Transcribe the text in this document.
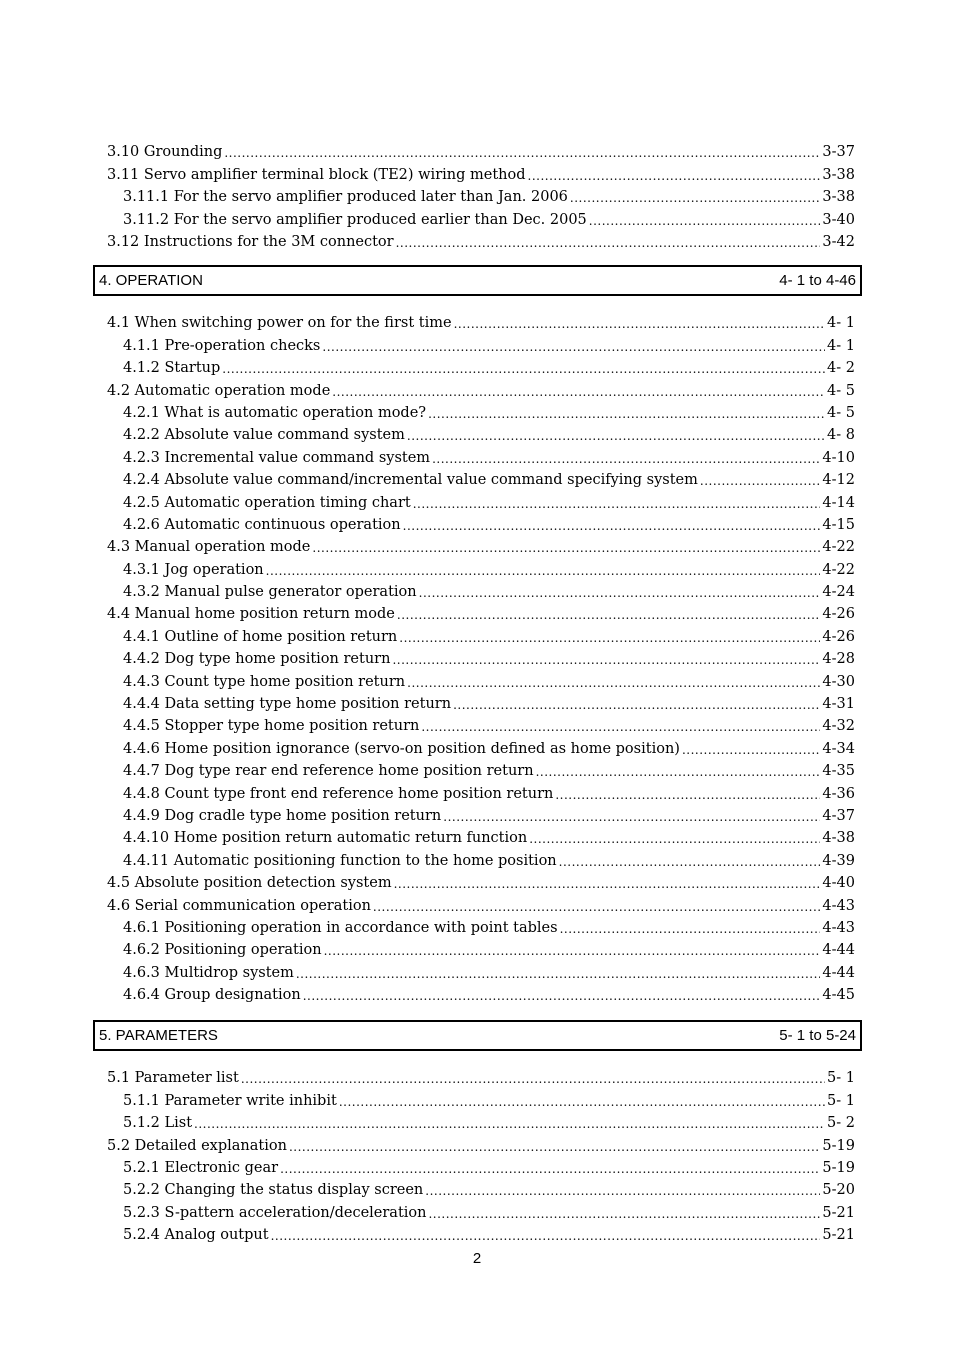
3.10 Grounding .....	3-37
3.11 Servo amplifier terminal block (TE2) wiring method .....	3-38
3.11.1 For the servo amplifier produced later than Jan. 2006 .....	3-38
3.11.2 For the servo amplifier produced earlier than Dec. 2005 .....	3-40
3.12 Instructions for the 3M connector .....	3-42
4. OPERATION	4- 1 to 4-46
4.1 When switching power on for the first time .....	4- 1
4.1.1 Pre-operation checks .....	4- 1
4.1.2 Startup .....	4- 2
4.2 Automatic operation mode .....	4- 5
4.2.1 What is automatic operation mode? .....	4- 5
4.2.2 Absolute value command system .....	4- 8
4.2.3 Incremental value command system .....	4-10
4.2.4 Absolute value command/incremental value command specifying system .....	4-12
4.2.5 Automatic operation timing chart .....	4-14
4.2.6 Automatic continuous operation .....	4-15
4.3 Manual operation mode .....	4-22
4.3.1 Jog operation .....	4-22
4.3.2 Manual pulse generator operation .....	4-24
4.4 Manual home position return mode .....	4-26
4.4.1 Outline of home position return .....	4-26
4.4.2 Dog type home position return .....	4-28
4.4.3 Count type home position return .....	4-30
4.4.4 Data setting type home position return .....	4-31
4.4.5 Stopper type home position return .....	4-32
4.4.6 Home position ignorance (servo-on position defined as home position) .....	4-34
4.4.7 Dog type rear end reference home position return .....	4-35
4.4.8 Count type front end reference home position return .....	4-36
4.4.9 Dog cradle type home position return .....	4-37
4.4.10 Home position return automatic return function .....	4-38
4.4.11 Automatic positioning function to the home position .....	4-39
4.5 Absolute position detection system .....	4-40
4.6 Serial communication operation .....	4-43
4.6.1 Positioning operation in accordance with point tables .....	4-43
4.6.2 Positioning operation .....	4-44
4.6.3 Multidrop system .....	4-44
4.6.4 Group designation .....	4-45
5. PARAMETERS	5- 1 to 5-24
5.1 Parameter list .....	5- 1
5.1.1 Parameter write inhibit .....	5- 1
5.1.2 List .....	5- 2
5.2 Detailed explanation .....	5-19
5.2.1 Electronic gear .....	5-19
5.2.2 Changing the status display screen .....	5-20
5.2.3 S-pattern acceleration/deceleration .....	5-21
5.2.4 Analog output .....	5-21
2
